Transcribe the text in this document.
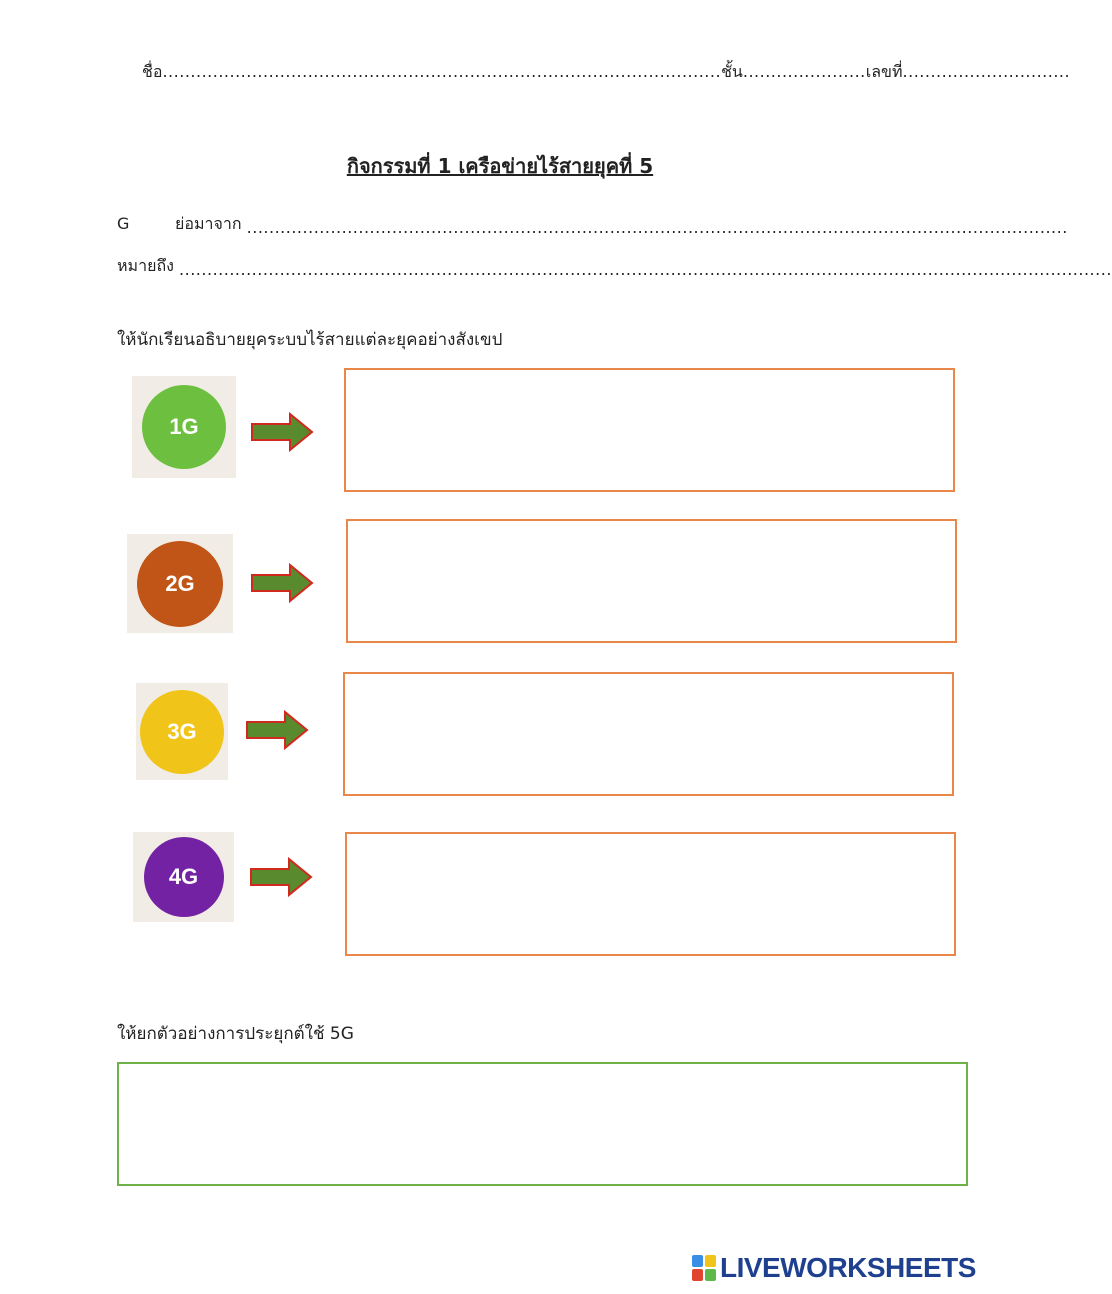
ชื่อ....................................................................................................ชั้น......................เลขที่..............................
กิจกรรมที่ 1 เครือข่ายไร้สายยุคที่ 5
G	ย่อมาจาก ...................................................................................................................................................
หมายถึง .......................................................................................................................................................................
ให้นักเรียนอธิบายยุคระบบไร้สายแต่ละยุคอย่างสังเขป
1G
2G
3G
4G
ให้ยกตัวอย่างการประยุกต์ใช้ 5G
LIVEWORKSHEETS
